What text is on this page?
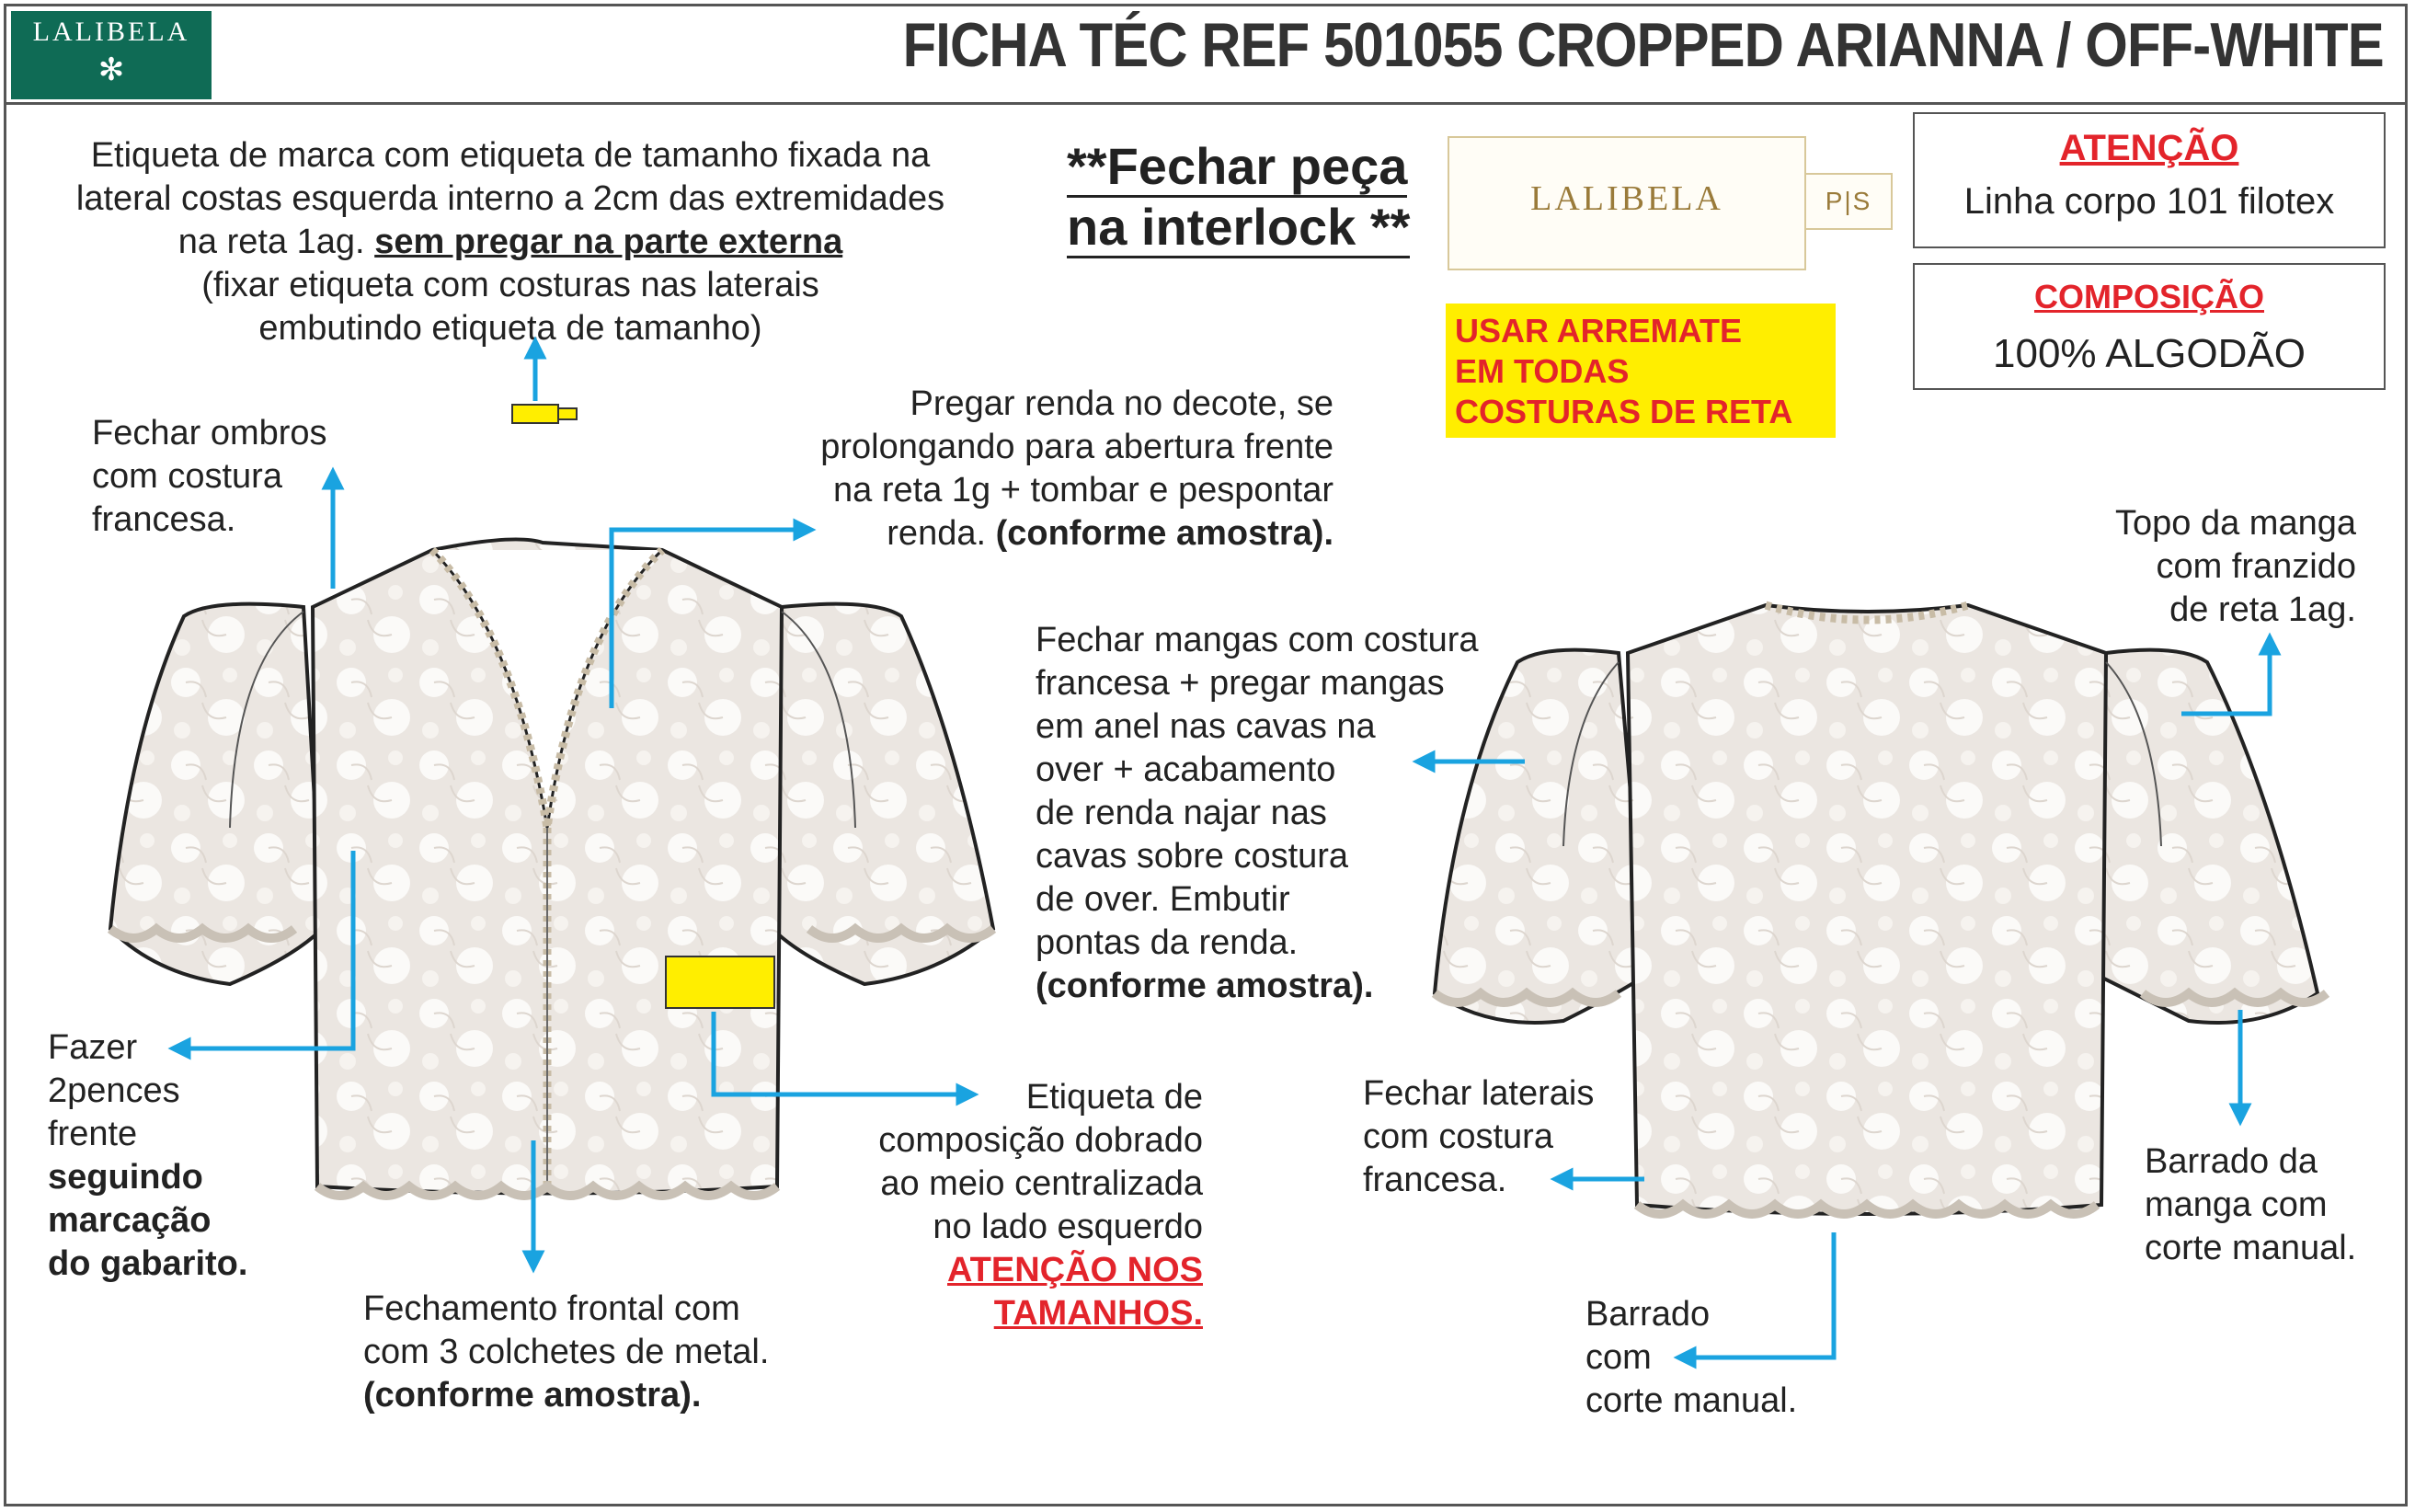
LALIBELA
✻	FICHA TÉC REF 501055 CROPPED ARIANNA / OFF-WHITE
Etiqueta de marca com etiqueta de tamanho fixada na
lateral costas esquerda interno a 2cm das extremidades
na reta 1ag. sem pregar na parte externa
(fixar etiqueta com costuras nas laterais
embutindo etiqueta de tamanho)
**Fechar peça
na interlock **	LALIBELA	P|S
ATENÇÃO
Linha corpo 101 filotex
COMPOSIÇÃO
100% ALGODÃO
USAR ARREMATE
EM TODAS
COSTURAS DE RETA
Fechar ombros
com costura
francesa.
Pregar renda no decote, se
prolongando para abertura frente
na reta 1g + tombar e pespontar
renda. (conforme amostra).
Fechar mangas com costura
francesa + pregar mangas
em anel nas cavas na
over + acabamento
de renda najar nas
cavas sobre costura
de over. Embutir
pontas da renda.
(conforme amostra).
Topo da manga
com franzido
de reta 1ag.
Fazer
2pences
frente
seguindo
marcação
do gabarito.
Etiqueta de
composição dobrado
ao meio centralizada
no lado esquerdo
ATENÇÃO NOS
TAMANHOS.
Fechamento frontal com
com 3 colchetes de metal.
(conforme amostra).
Fechar laterais
com costura
francesa.
Barrado
com
corte manual.
Barrado da
manga com
corte manual.
